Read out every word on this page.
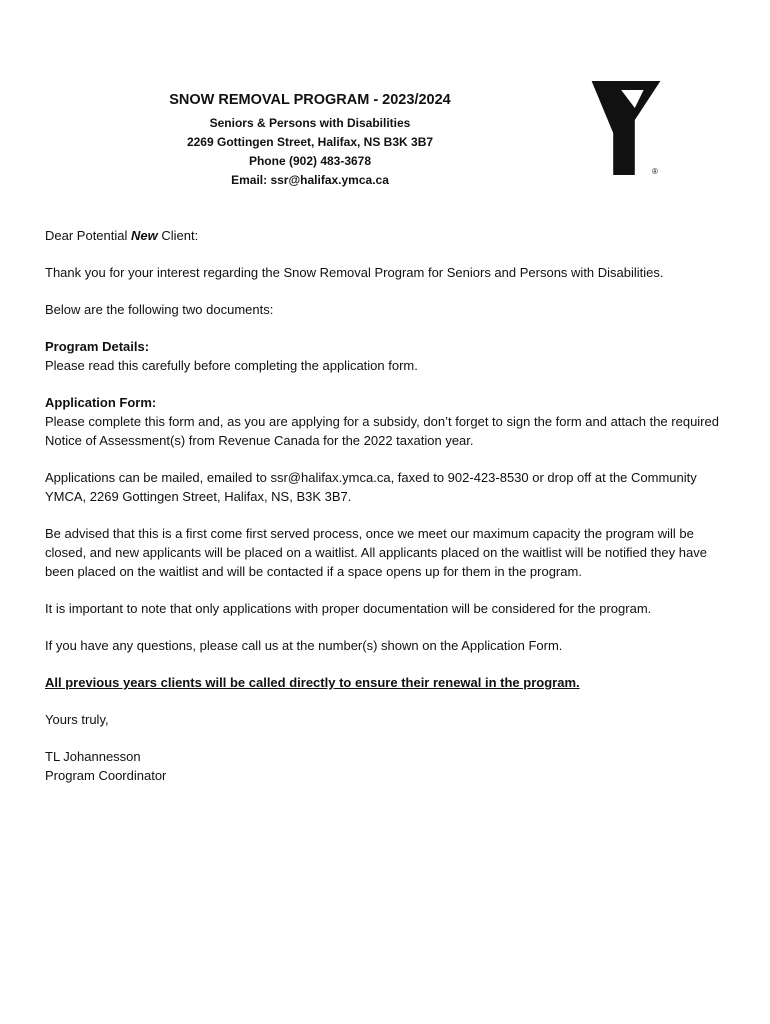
SNOW REMOVAL PROGRAM - 2023/2024
Seniors & Persons with Disabilities
2269 Gottingen Street, Halifax, NS B3K 3B7
Phone (902) 483-3678
Email: ssr@halifax.ymca.ca
®

Dear Potential New Client:

Thank you for your interest regarding the Snow Removal Program for Seniors and Persons with Disabilities.

Below are the following two documents:

Program Details:
Please read this carefully before completing the application form.

Application Form:
Please complete this form and, as you are applying for a subsidy, don’t forget to sign the form and attach the required Notice of Assessment(s) from Revenue Canada for the 2022 taxation year.

Applications can be mailed, emailed to ssr@halifax.ymca.ca, faxed to 902-423-8530 or drop off at the Community YMCA, 2269 Gottingen Street, Halifax, NS, B3K 3B7.

Be advised that this is a first come first served process, once we meet our maximum capacity the program will be closed, and new applicants will be placed on a waitlist. All applicants placed on the waitlist will be notified they have been placed on the waitlist and will be contacted if a space opens up for them in the program.

It is important to note that only applications with proper documentation will be considered for the program.

If you have any questions, please call us at the number(s) shown on the Application Form.

All previous years clients will be called directly to ensure their renewal in the program.

Yours truly,

TL Johannesson
Program Coordinator
